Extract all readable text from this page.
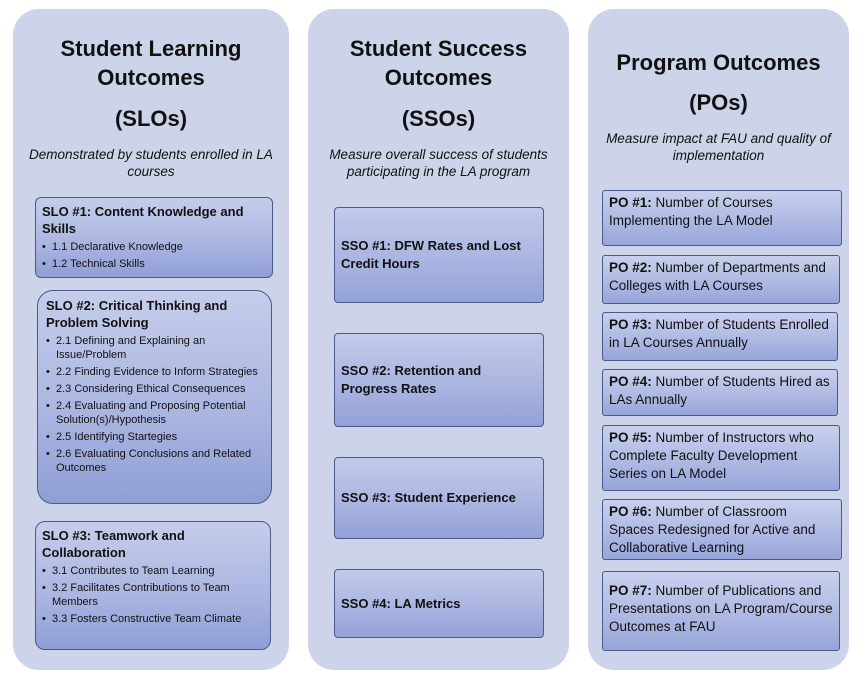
Student Learning
Outcomes
(SLOs)
Demonstrated by students enrolled in LA courses
SLO #1: Content Knowledge and Skills
• 1.1 Declarative Knowledge
• 1.2 Technical Skills
SLO #2: Critical Thinking and Problem Solving
• 2.1 Defining and Explaining an Issue/Problem
• 2.2 Finding Evidence to Inform Strategies
• 2.3 Considering Ethical Consequences
• 2.4 Evaluating and Proposing Potential Solution(s)/Hypothesis
• 2.5 Identifying Startegies
• 2.6 Evaluating Conclusions and Related Outcomes
SLO #3: Teamwork and Collaboration
• 3.1 Contributes to Team Learning
• 3.2 Facilitates Contributions to Team Members
• 3.3 Fosters Constructive Team Climate
Student Success
Outcomes
(SSOs)
Measure overall success of students participating in the LA program
SSO #1: DFW Rates and Lost Credit Hours
SSO #2: Retention and Progress Rates
SSO #3: Student Experience
SSO #4: LA Metrics
Program Outcomes
(POs)
Measure impact at FAU and quality of implementation
PO #1: Number of Courses Implementing the LA Model
PO #2: Number of Departments and Colleges with LA Courses
PO #3: Number of Students Enrolled in LA Courses Annually
PO #4: Number of Students Hired as LAs Annually
PO #5: Number of Instructors who Complete Faculty Development Series on LA Model
PO #6: Number of Classroom Spaces Redesigned for Active and Collaborative Learning
PO #7: Number of Publications and Presentations on LA Program/Course Outcomes at FAU
